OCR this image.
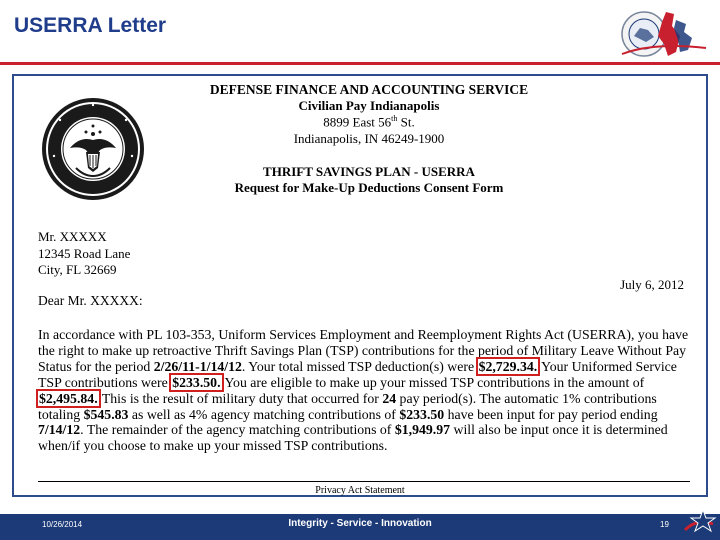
USERRA Letter
DEFENSE FINANCE AND ACCOUNTING SERVICE
Civilian Pay Indianapolis
8899 East 56th St.
Indianapolis, IN 46249-1900
THRIFT SAVINGS PLAN - USERRA
Request for Make-Up Deductions Consent Form
Mr. XXXXX
12345 Road Lane
City, FL 32669
July 6, 2012
Dear Mr. XXXXX:
In accordance with PL 103-353, Uniform Services Employment and Reemployment Rights Act (USERRA), you have the right to make up retroactive Thrift Savings Plan (TSP) contributions for the period of Military Leave Without Pay Status for the period 2/26/11-1/14/12. Your total missed TSP deduction(s) were $2,729.34. Your Uniformed Service TSP contributions were $233.50. You are eligible to make up your missed TSP contributions in the amount of $2,495.84. This is the result of military duty that occurred for 24 pay period(s). The automatic 1% contributions totaling $545.83 as well as 4% agency matching contributions of $233.50 have been input for pay period ending 7/14/12. The remainder of the agency matching contributions of $1,949.97 will also be input once it is determined when/if you choose to make up your missed TSP contributions.
Privacy Act Statement
10/26/2014	Integrity - Service - Innovation	19
